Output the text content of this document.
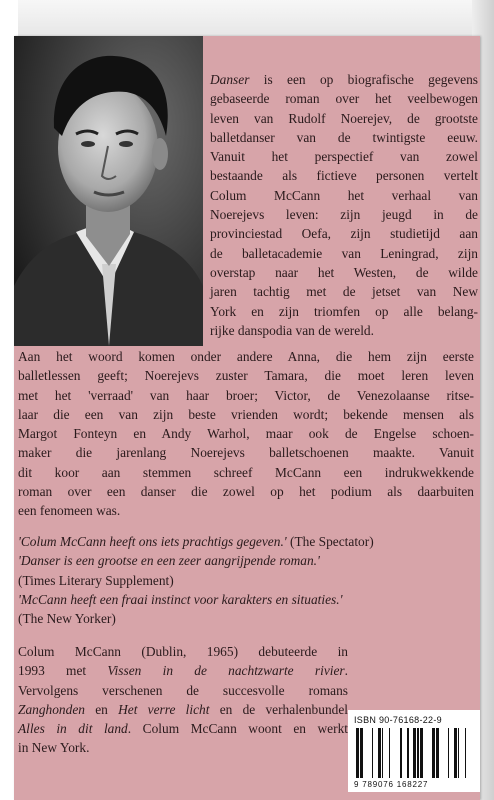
Danser is een op biografische gegevens
gebaseerde roman over het veelbewogen
leven van Rudolf Noerejev, de grootste
balletdanser van de twintigste eeuw.
Vanuit het perspectief van zowel
bestaande als fictieve personen vertelt
Colum McCann het verhaal van
Noerejevs leven: zijn jeugd in de
provinciestad Oefa, zijn studietijd aan
de balletacademie van Leningrad, zijn
overstap naar het Westen, de wilde
jaren tachtig met de jetset van New
York en zijn triomfen op alle belang-
rijke danspodia van de wereld.
Aan het woord komen onder andere Anna, die hem zijn eerste
balletlessen geeft; Noerejevs zuster Tamara, die moet leren leven
met het 'verraad' van haar broer; Victor, de Venezolaanse ritse-
laar die een van zijn beste vrienden wordt; bekende mensen als
Margot Fonteyn en Andy Warhol, maar ook de Engelse schoen-
maker die jarenlang Noerejevs balletschoenen maakte. Vanuit
dit koor aan stemmen schreef McCann een indrukwekkende
roman over een danser die zowel op het podium als daarbuiten
een fenomeen was.
'Colum McCann heeft ons iets prachtigs gegeven.' (The Spectator)
'Danser is een grootse en een zeer aangrijpende roman.'
(Times Literary Supplement)
'McCann heeft een fraai instinct voor karakters en situaties.'
(The New Yorker)
Colum McCann (Dublin, 1965) debuteerde in
1993 met Vissen in de nachtzwarte rivier.
Vervolgens verschenen de succesvolle romans
Zanghonden en Het verre licht en de verhalenbundel
Alles in dit land. Colum McCann woont en werkt
in New York.
ISBN 90-76168-22-9
9 789076 168227
